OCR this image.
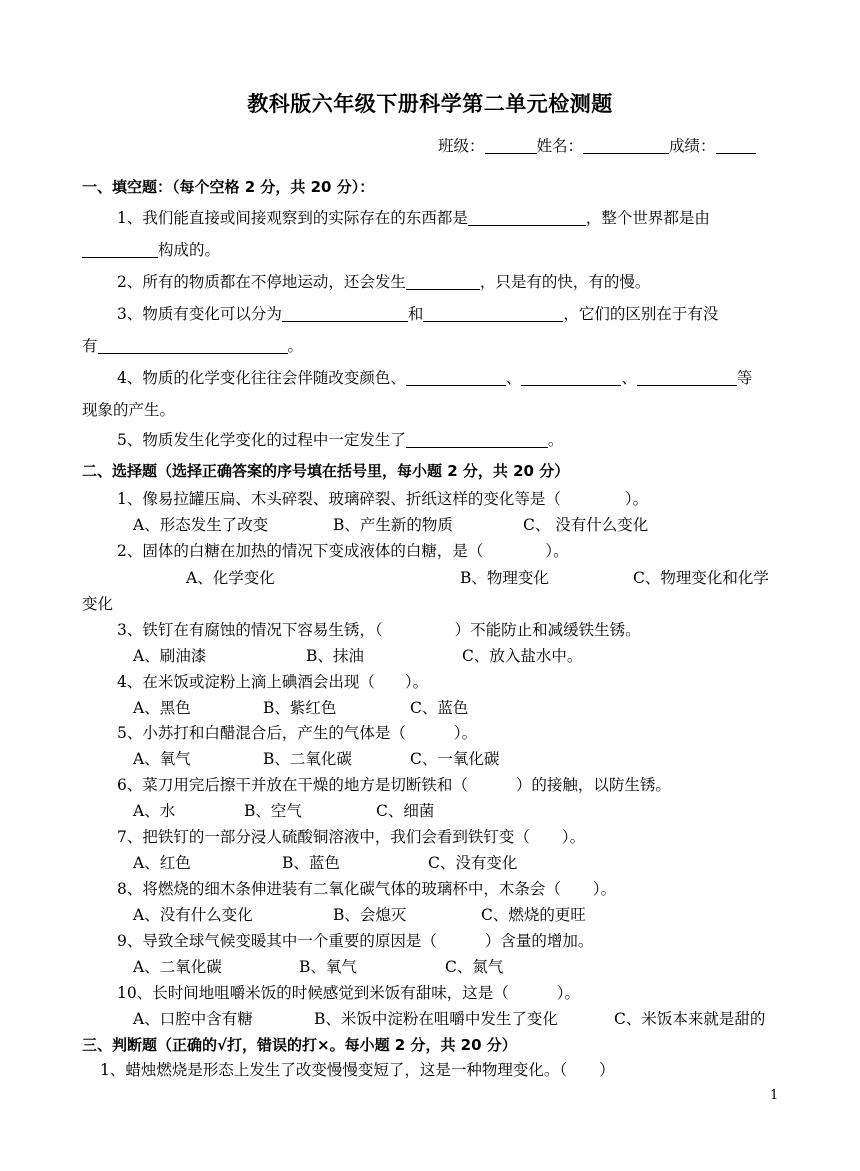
教科版六年级下册科学第二单元检测题
班级：	姓名：	成绩：
一、填空题：（每个空格 2 分，共 20 分）：
1、我们能直接或间接观察到的实际存在的东西都是	，整个世界都是由
构成的。
2、所有的物质都在不停地运动，还会发生	，只是有的快，有的慢。
3、物质有变化可以分为	和	，它们的区别在于有没
有	。
4、物质的化学变化往往会伴随改变颜色、	、	、	等
现象的产生。
5、物质发生化学变化的过程中一定发生了	。
二、选择题（选择正确答案的序号填在括号里，每小题 2 分，共 20 分）
1、像易拉罐压扁、木头碎裂、玻璃碎裂、折纸这样的变化等是（	）。
A、形态发生了改变	B、产生新的物质	C、 没有什么变化
2、固体的白糖在加热的情况下变成液体的白糖，是（	）。
A、化学变化	B、物理变化	C、物理变化和化学
变化
3、铁钉在有腐蚀的情况下容易生锈，（	）不能防止和减缓铁生锈。
A、刷油漆	B、抹油	C、放入盐水中。
4、在米饭或淀粉上滴上碘酒会出现（ ）。
A、黑色	B、紫红色	C、蓝色
5、小苏打和白醋混合后，产生的气体是（	）。
A、氧气	B、二氧化碳	C、一氧化碳
6、菜刀用完后擦干并放在干燥的地方是切断铁和（	）的接触，以防生锈。
A、水	B、空气	C、细菌
7、把铁钉的一部分浸人硫酸铜溶液中，我们会看到铁钉变（ ）。
A、红色	B、蓝色	C、没有变化
8、将燃烧的细木条伸进装有二氧化碳气体的玻璃杯中，木条会（ ）。
A、没有什么变化	B、会熄灭	C、燃烧的更旺
9、导致全球气候变暖其中一个重要的原因是（	）含量的增加。
A、二氧化碳	B、氧气	C、氮气
10、长时间地咀嚼米饭的时候感觉到米饭有甜味，这是（	）。
A、口腔中含有糖	B、米饭中淀粉在咀嚼中发生了变化	C、米饭本来就是甜的
三、判断题（正确的√打，错误的打×。每小题 2 分，共 20 分）
1、蜡烛燃烧是形态上发生了改变慢慢变短了，这是一种物理变化。（ ）
1
